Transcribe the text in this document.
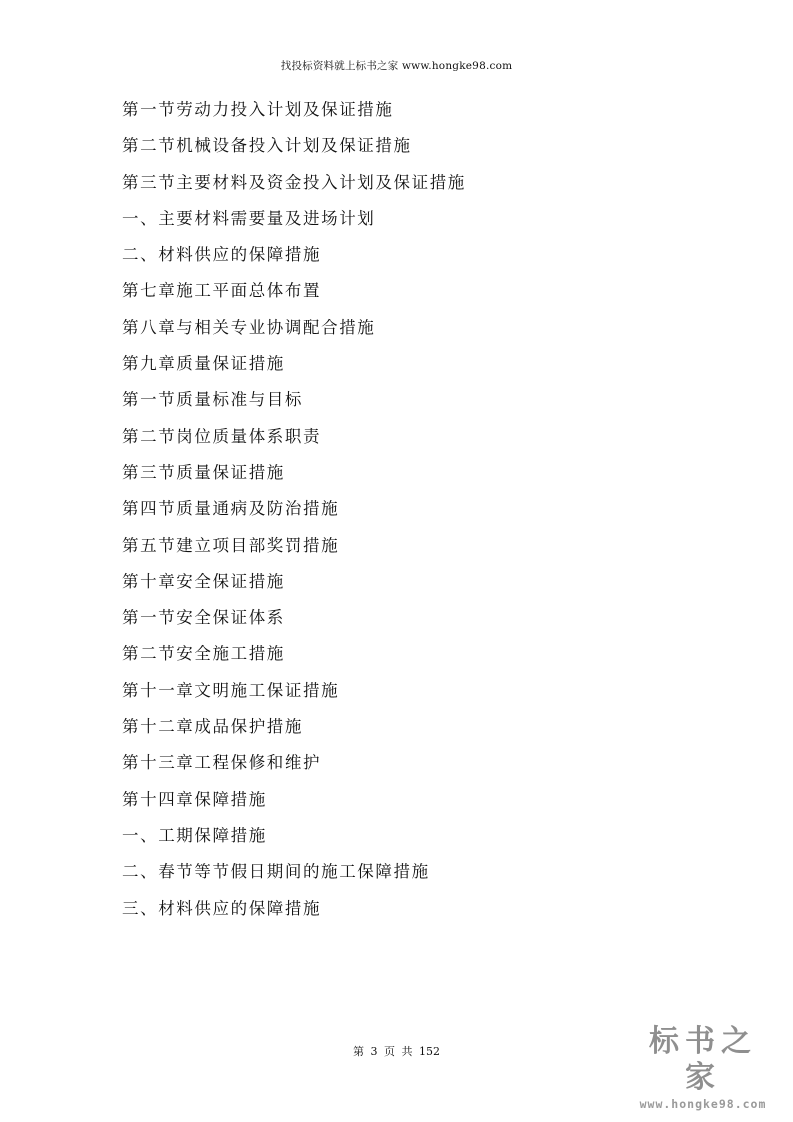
找投标资料就上标书之家 www.hongke98.com
第一节劳动力投入计划及保证措施
第二节机械设备投入计划及保证措施
第三节主要材料及资金投入计划及保证措施
一、主要材料需要量及进场计划
二、材料供应的保障措施
第七章施工平面总体布置
第八章与相关专业协调配合措施
第九章质量保证措施
第一节质量标准与目标
第二节岗位质量体系职责
第三节质量保证措施
第四节质量通病及防治措施
第五节建立项目部奖罚措施
第十章安全保证措施
第一节安全保证体系
第二节安全施工措施
第十一章文明施工保证措施
第十二章成品保护措施
第十三章工程保修和维护
第十四章保障措施
一、工期保障措施
二、春节等节假日期间的施工保障措施
三、材料供应的保障措施
第 3 页 共 152	标书之家
www.hongke98.com
